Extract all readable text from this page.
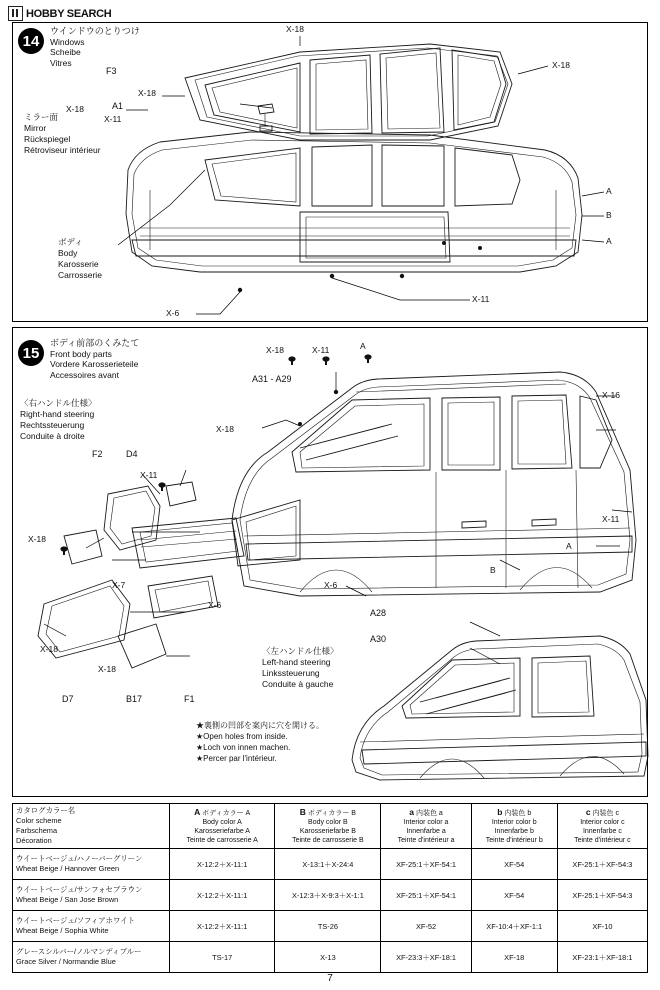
HOBBY SEARCH
14
ウインドウのとりつけ
Windows
Scheibe
Vitres
F3
A1
ミラー面
Mirror
Rückspiegel
Rétroviseur intérieur
ボディ
Body
Karosserie
Carrosserie
X-18
X-18
X-18
X-18
X-11
A
B
A
X-11
X-6
15
ボディ前部のくみたて
Front body parts
Vordere Karosserieteile
Accessoires avant
〈右ハンドル仕様〉
Right-hand steering
Rechtssteuerung
Conduite à droite
〈左ハンドル仕様〉
Left-hand steering
Linkssteuerung
Conduite à gauche
★裏側の凹部を案内に穴を開ける。
★Open holes from inside.
★Loch von innen machen.
★Percer par l'intérieur.
X-18	X-11	A
A31 - A29
X-18
X-16
X-11
A
B
A28
A30
F2	D4
X-11
X-18
X-18
X-18
X-7
X-6
X-6
D7	B17	F1
カタログカラー名
Color scheme
Farbschema
Décoration

A ボディカラー A
Body color A
Karosseriefarbe A
Teinte de carrosserie A

B ボディカラー B
Body color B
Karosseriefarbe B
Teinte de carrosserie B

a 内装色 a
Interior color a
Innenfarbe a
Teinte d'intérieur a

b 内装色 b
Interior color b
Innenfarbe b
Teinte d'intérieur b

c 内装色 c
Interior color c
Innenfarbe c
Teinte d'intérieur c

ウイートベージュ/ハノーバーグリーン
Wheat Beige / Hannover Green	X-12:2＋X-11:1	X-13:1＋X-24:4	XF-25:1＋XF-54:1	XF-54	XF-25:1＋XF-54:3

ウイートベージュ/サンフォセブラウン
Wheat Beige / San Jose Brown	X-12:2＋X-11:1	X-12:3＋X-9:3＋X-1:1	XF-25:1＋XF-54:1	XF-54	XF-25:1＋XF-54:3

ウイートベージュ/ソフィアホワイト
Wheat Beige / Sophia White	X-12:2＋X-11:1	TS-26	XF-52	XF-10:4＋XF-1:1	XF-10

グレースシルバー/ノルマンディブルー
Grace Silver / Normandie Blue	TS-17	X-13	XF-23:3＋XF-18:1	XF-18	XF-23:1＋XF-18:1
7
